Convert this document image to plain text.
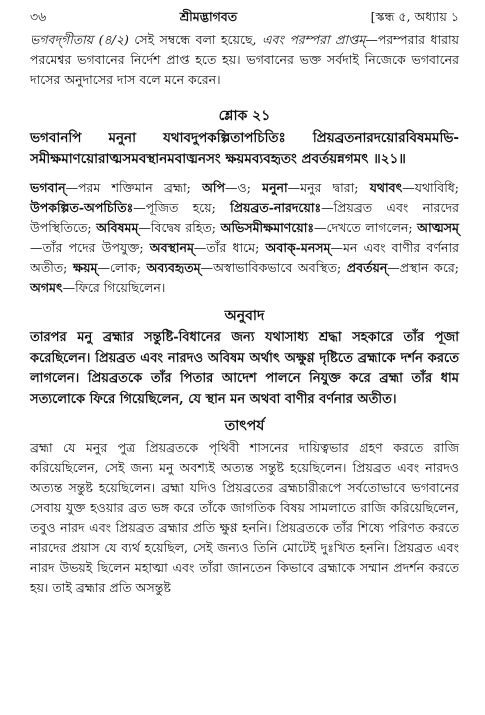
৩৬	শ্রীমদ্ভাগবত	[স্কন্ধ ৫, অধ্যায় ১

ভগবদ্‌গীতায় (৪/২) সেই সম্বন্ধে বলা হয়েছে, এবং পরম্পরা প্রাপ্তম্‌—পরম্পরার ধারায় পরমেশ্বর ভগবানের নির্দেশ প্রাপ্ত হতে হয়। ভগবানের ভক্ত সর্বদাই নিজেকে ভগবানের দাসের অনুদাসের দাস বলে মনে করেন।

শ্লোক ২১

ভগবানপি মনুনা যথাবদুপকল্পিতাপচিতিঃ প্রিয়ব্রতনারদয়োরবিষমমভি-সমীক্ষমাণয়োরাত্মসমবস্থানমবাঙ্মনসং ক্ষয়মব্যবহৃতং প্রবর্তয়ন্নগমৎ ॥২১॥

ভগবান্‌—পরম শক্তিমান ব্রহ্মা; অপি—ও; মনুনা—মনুর দ্বারা; যথাবৎ—যথাবিধি; উপকল্পিত-অপচিতিঃ—পূজিত হয়ে; প্রিয়ব্রত-নারদয়োঃ—প্রিয়ব্রত এবং নারদের উপস্থিতিতে; অবিষমম্‌—বিদ্বেষ রহিত; অভিসমীক্ষমাণয়োঃ—দেখতে লাগলেন; আত্মসম্‌—তাঁর পদের উপযুক্ত; অবস্থানম্‌—তাঁর ধামে; অবাক্‌-মনসম্‌—মন এবং বাণীর বর্ণনার অতীত; ক্ষয়ম্‌—লোক; অব্যবহৃতম্‌—অস্বাভাবিকভাবে অবস্থিত; প্রবর্তয়ন্‌—প্রস্থান করে; অগমৎ—ফিরে গিয়েছিলেন।

অনুবাদ

তারপর মনু ব্রহ্মার সন্তুষ্টি-বিধানের জন্য যথাসাধ্য শ্রদ্ধা সহকারে তাঁর পূজা করেছিলেন। প্রিয়ব্রত এবং নারদও অবিষম অর্থাৎ অক্ষুণ্ণ দৃষ্টিতে ব্রহ্মাকে দর্শন করতে লাগলেন। প্রিয়ব্রতকে তাঁর পিতার আদেশ পালনে নিযুক্ত করে ব্রহ্মা তাঁর ধাম সত্যলোকে ফিরে গিয়েছিলেন, যে স্থান মন অথবা বাণীর বর্ণনার অতীত।

তাৎপর্য

ব্রহ্মা যে মনুর পুত্র প্রিয়ব্রতকে পৃথিবী শাসনের দায়িত্বভার গ্রহণ করতে রাজি করিয়েছিলেন, সেই জন্য মনু অবশ্যই অত্যন্ত সন্তুষ্ট হয়েছিলেন। প্রিয়ব্রত এবং নারদও অত্যন্ত সন্তুষ্ট হয়েছিলেন। ব্রহ্মা যদিও প্রিয়ব্রতের ব্রহ্মচারীরূপে সর্বতোভাবে ভগবানের সেবায় যুক্ত হওয়ার ব্রত ভঙ্গ করে তাঁকে জাগতিক বিষয় সামলাতে রাজি করিয়েছিলেন, তবুও নারদ এবং প্রিয়ব্রত ব্রহ্মার প্রতি ক্ষুণ্ণ হননি। প্রিয়ব্রতকে তাঁর শিষ্যে পরিণত করতে নারদের প্রয়াস যে ব্যর্থ হয়েছিল, সেই জন্যও তিনি মোটেই দুঃখিত হননি। প্রিয়ব্রত এবং নারদ উভয়ই ছিলেন মহাত্মা এবং তাঁরা জানতেন কিভাবে ব্রহ্মাকে সম্মান প্রদর্শন করতে হয়। তাই ব্রহ্মার প্রতি অসন্তুষ্ট
